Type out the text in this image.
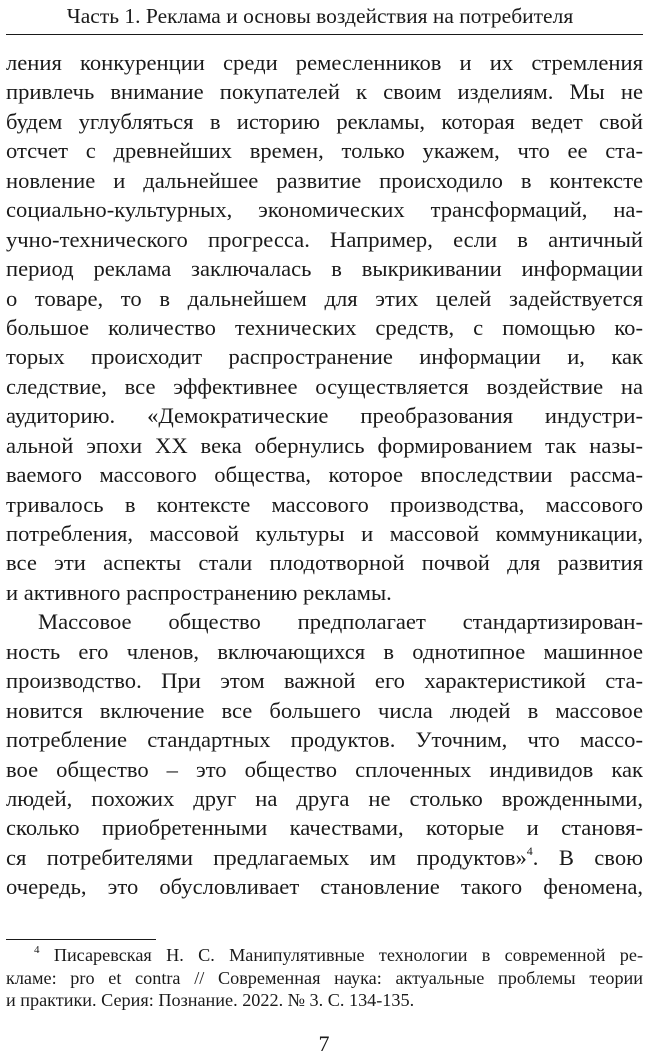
Часть 1. Реклама и основы воздействия на потребителя
ления конкуренции среди ремесленников и их стремления
привлечь внимание покупателей к своим изделиям. Мы не
будем углубляться в историю рекламы, которая ведет свой
отсчет с древнейших времен, только укажем, что ее ста-
новление и дальнейшее развитие происходило в контексте
социально-культурных, экономических трансформаций, на-
учно-технического прогресса. Например, если в античный
период реклама заключалась в выкрикивании информации
о товаре, то в дальнейшем для этих целей задействуется
большое количество технических средств, с помощью ко-
торых происходит распространение информации и, как
следствие, все эффективнее осуществляется воздействие на
аудиторию. «Демократические преобразования индустри-
альной эпохи XX века обернулись формированием так назы-
ваемого массового общества, которое впоследствии рассма-
тривалось в контексте массового производства, массового
потребления, массовой культуры и массовой коммуникации,
все эти аспекты стали плодотворной почвой для развития
и активного распространению рекламы.
Массовое общество предполагает стандартизирован-
ность его членов, включающихся в однотипное машинное
производство. При этом важной его характеристикой ста-
новится включение все большего числа людей в массовое
потребление стандартных продуктов. Уточним, что массо-
вое общество – это общество сплоченных индивидов как
людей, похожих друг на друга не столько врожденными,
сколько приобретенными качествами, которые и становя-
ся потребителями предлагаемых им продуктов»$^4$. В свою
очередь, это обусловливает становление такого феномена,
$^4$ Писаревская Н. С. Манипулятивные технологии в современной ре-
кламе: pro et contra // Современная наука: актуальные проблемы теории
и практики. Серия: Познание. 2022. № 3. С. 134-135.
7
